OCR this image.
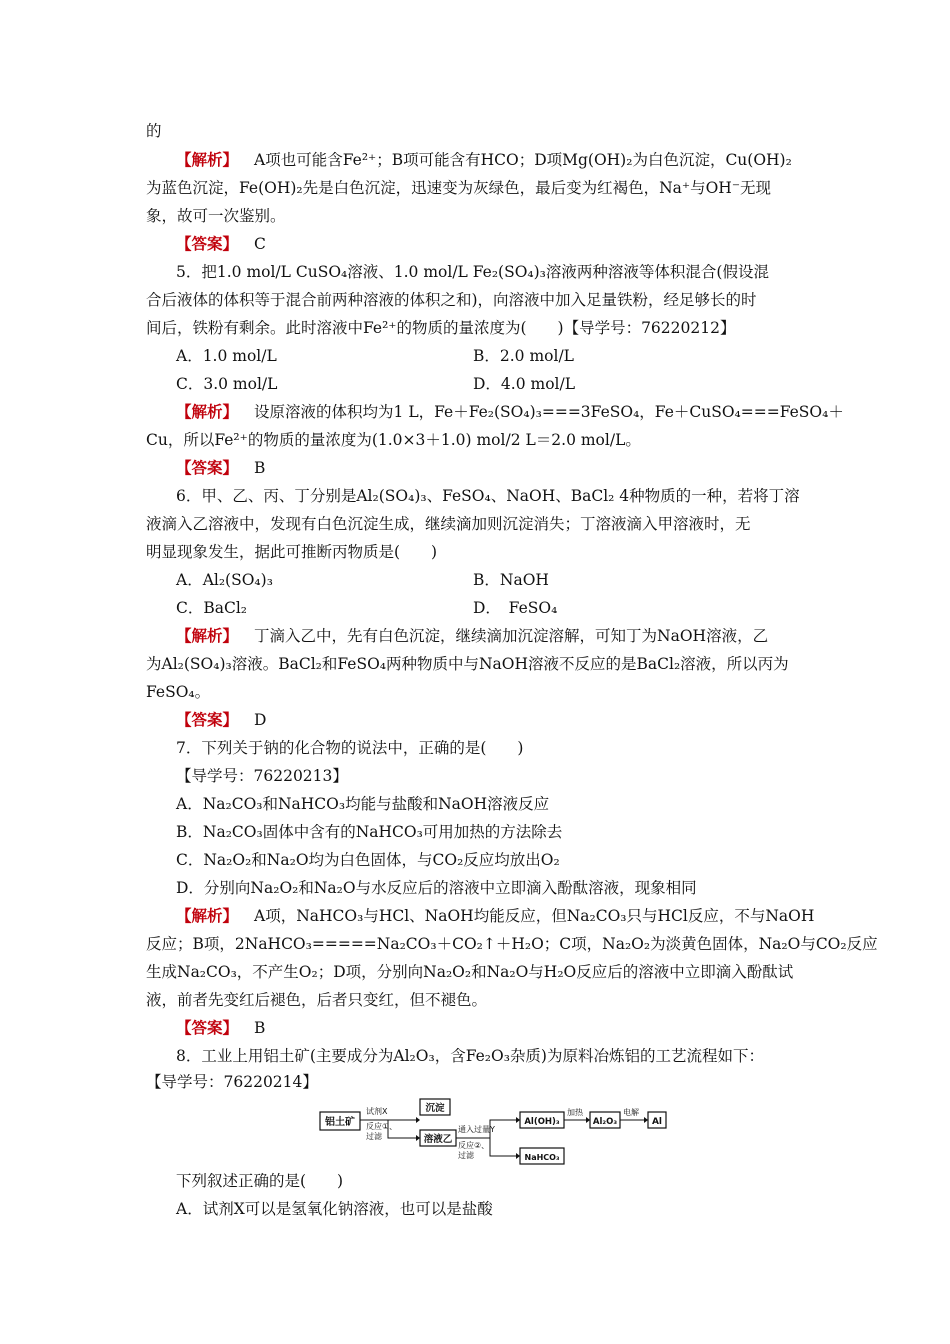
的
【 解析 】 A项也可能含Fe²⁺；B项可能含有HCO；D项Mg(OH)₂为白色沉淀，Cu(OH)₂
为蓝色沉淀，Fe(OH)₂先是白色沉淀，迅速变为灰绿色，最后变为红褐色，Na⁺与OH⁻无现
象，故可一次鉴别。
【 答案 】 C
5．把1.0 mol/L CuSO₄溶液、1.0 mol/L Fe₂(SO₄)₃溶液两种溶液等体积混合(假设混
合后液体的体积等于混合前两种溶液的体积之和)，向溶液中加入足量铁粉，经足够长的时
间后，铁粉有剩余。此时溶液中Fe²⁺的物质的量浓度为(　　)【导学号：76220212】
A．1.0 mol/L	B．2.0 mol/L
C．3.0 mol/L	D．4.0 mol/L
【 解析 】 设原溶液的体积均为1 L，Fe＋Fe₂(SO₄)₃===3FeSO₄，Fe＋CuSO₄===FeSO₄＋
Cu，所以Fe²⁺的物质的量浓度为(1.0×3＋1.0) mol/2 L＝2.0 mol/L。
【 答案 】 B
6．甲、乙、丙、丁分别是Al₂(SO₄)₃、FeSO₄、NaOH、BaCl₂ 4种物质的一种，若将丁溶
液滴入乙溶液中，发现有白色沉淀生成，继续滴加则沉淀消失；丁溶液滴入甲溶液时，无
明显现象发生，据此可推断丙物质是(　　)
A．Al₂(SO₄)₃	B．NaOH
C．BaCl₂	D．　FeSO₄
【 解析 】 丁滴入乙中，先有白色沉淀，继续滴加沉淀溶解，可知丁为NaOH溶液，乙
为Al₂(SO₄)₃溶液。BaCl₂和FeSO₄两种物质中与NaOH溶液不反应的是BaCl₂溶液，所以丙为
FeSO₄。
【 答案 】 D
7．下列关于钠的化合物的说法中，正确的是(　　)
【导学号：76220213】
A．Na₂CO₃和NaHCO₃均能与盐酸和NaOH溶液反应
B．Na₂CO₃固体中含有的NaHCO₃可用加热的方法除去
C．Na₂O₂和Na₂O均为白色固体，与CO₂反应均放出O₂
D．分别向Na₂O₂和Na₂O与水反应后的溶液中立即滴入酚酞溶液，现象相同
【 解析 】 A项，NaHCO₃与HCl、NaOH均能反应，但Na₂CO₃只与HCl反应，不与NaOH
反应；B项，2NaHCO₃=====Na₂CO₃＋CO₂↑＋H₂O；C项，Na₂O₂为淡黄色固体，Na₂O与CO₂反应
生成Na₂CO₃，不产生O₂；D项，分别向Na₂O₂和Na₂O与H₂O反应后的溶液中立即滴入酚酞试
液，前者先变红后褪色，后者只变红，但不褪色。
【 答案 】 B
8．工业上用铝土矿(主要成分为Al₂O₃，含Fe₂O₃杂质)为原料冶炼铝的工艺流程如下：
【导学号：76220214】
铝土矿
试剂X
反应①、
过滤
沉淀
溶液乙
通入过量Y
反应②、
过滤
Al(OH)₃
加热
Al₂O₃
电解
Al
NaHCO₃
下列叙述正确的是(　　)
A．试剂X可以是氢氧化钠溶液，也可以是盐酸
